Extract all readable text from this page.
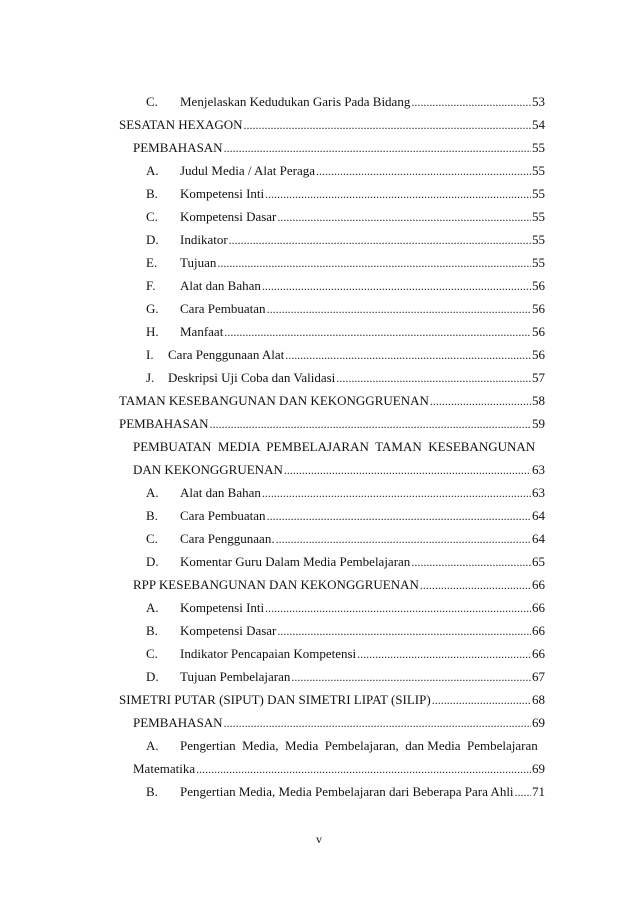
C.	Menjelaskan Kedudukan Garis Pada Bidang .....	53
SESATAN HEXAGON .....	54
PEMBAHASAN .....	55
A.	Judul Media / Alat Peraga .....	55
B.	Kompetensi Inti .....	55
C.	Kompetensi Dasar .....	55
D.	Indikator .....	55
E.	Tujuan .....	55
F.	Alat dan Bahan .....	56
G.	Cara Pembuatan .....	56
H.	Manfaat .....	56
I.	Cara Penggunaan Alat .....	56
J.	Deskripsi Uji Coba dan Validasi .....	57
TAMAN KESEBANGUNAN DAN KEKONGGRUENAN .....	58
PEMBAHASAN .....	59
PEMBUATAN  MEDIA  PEMBELAJARAN  TAMAN  KESEBANGUNAN
DAN KEKONGGRUENAN .....	63
A.	Alat dan Bahan .....	63
B.	Cara Pembuatan .....	64
C.	Cara Penggunaan. .....	64
D.	Komentar Guru Dalam Media Pembelajaran .....	65
RPP KESEBANGUNAN DAN KEKONGGRUENAN .....	66
A.	Kompetensi Inti .....	66
B.	Kompetensi Dasar .....	66
C.	Indikator Pencapaian Kompetensi .....	66
D.	Tujuan Pembelajaran .....	67
SIMETRI PUTAR (SIPUT) DAN SIMETRI LIPAT (SILIP) .....	68
PEMBAHASAN .....	69
A.	Pengertian  Media,  Media  Pembelajaran,  dan Media  Pembelajaran
Matematika .....	69
B.	Pengertian Media, Media Pembelajaran dari Beberapa Para Ahli ..... 71
v
